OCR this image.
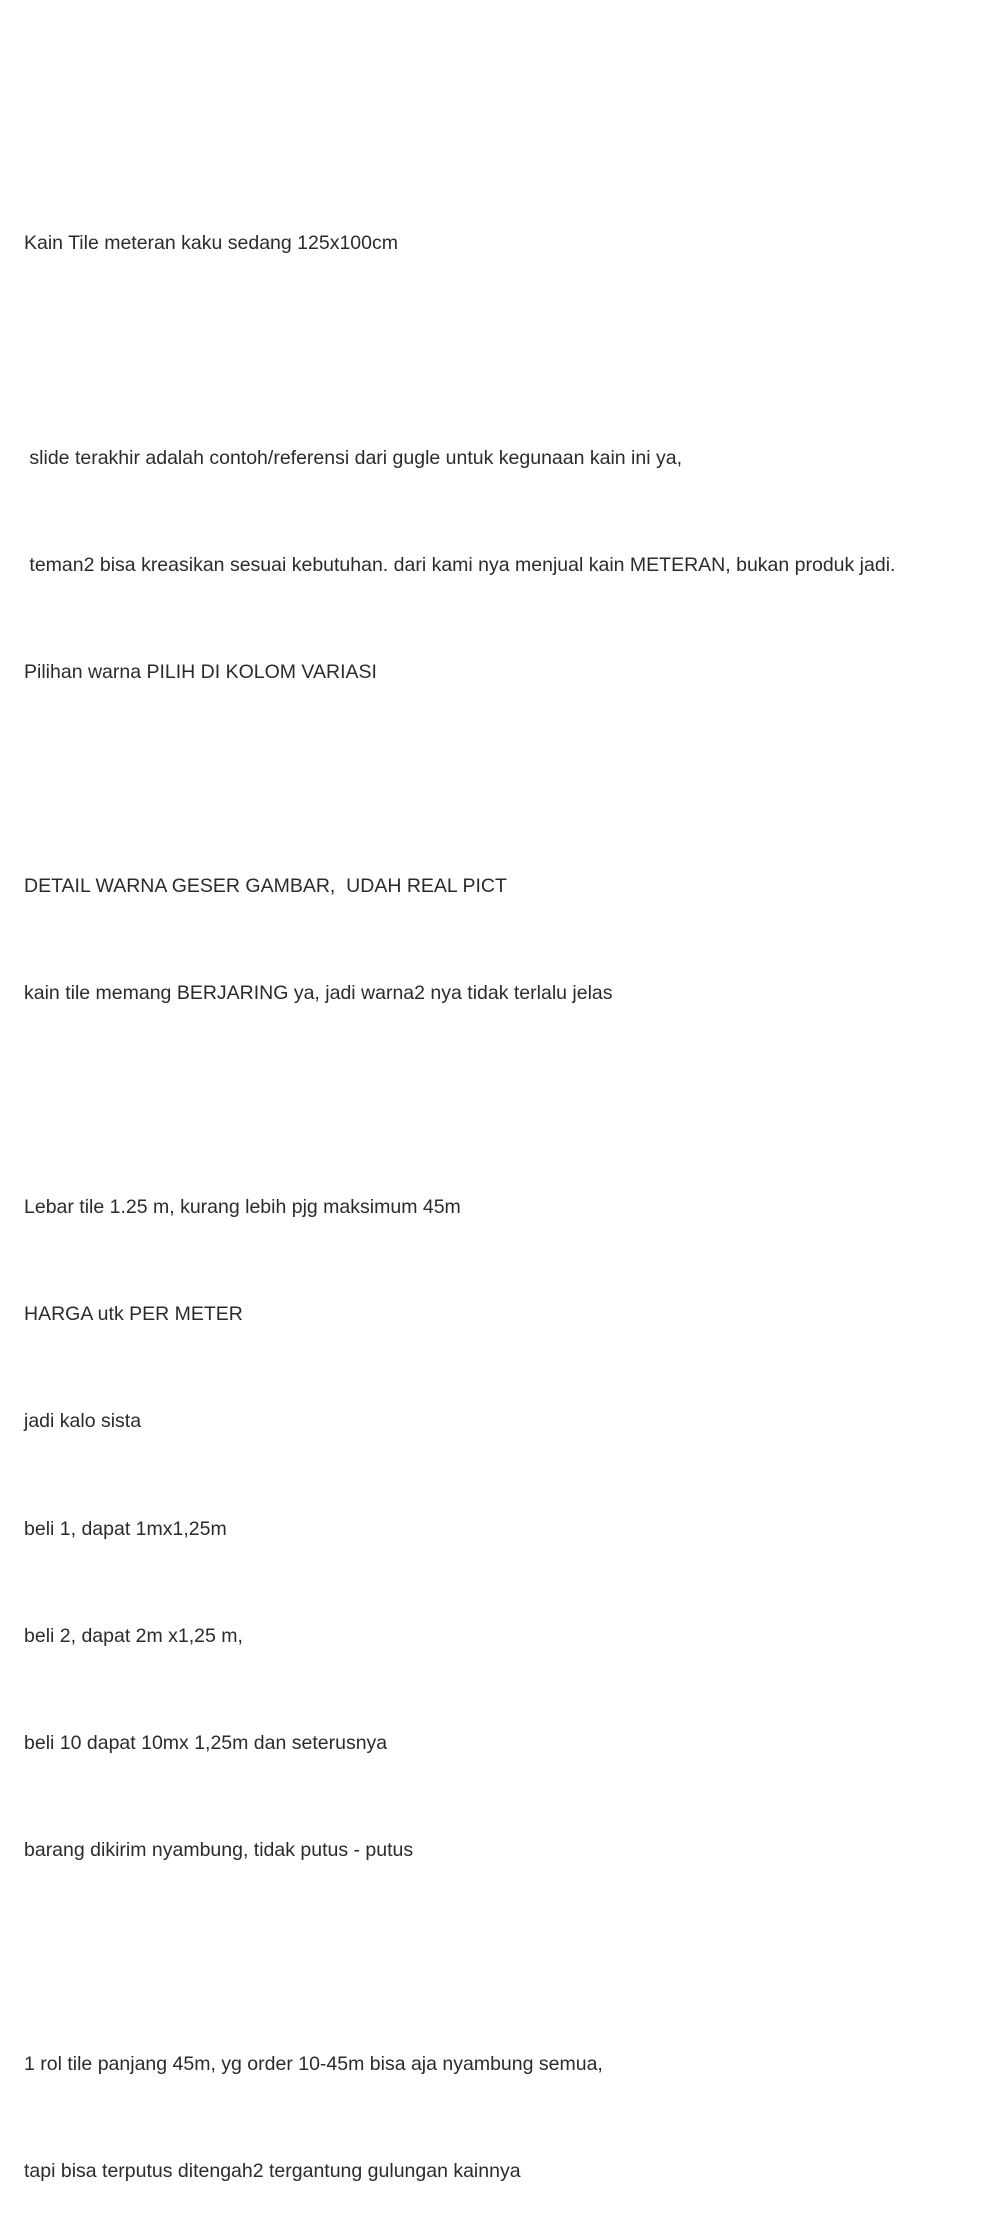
Kain Tile meteran kaku sedang 125x100cm

slide terakhir adalah contoh/referensi dari gugle untuk kegunaan kain ini ya,

teman2 bisa kreasikan sesuai kebutuhan. dari kami nya menjual kain METERAN, bukan produk jadi.

Pilihan warna PILIH DI KOLOM VARIASI

DETAIL WARNA GESER GAMBAR,  UDAH REAL PICT

kain tile memang BERJARING ya, jadi warna2 nya tidak terlalu jelas

Lebar tile 1.25 m, kurang lebih pjg maksimum 45m

HARGA utk PER METER

jadi kalo sista

beli 1, dapat 1mx1,25m

beli 2, dapat 2m x1,25 m,

beli 10 dapat 10mx 1,25m dan seterusnya

barang dikirim nyambung, tidak putus - putus

1 rol tile panjang 45m, yg order 10-45m bisa aja nyambung semua,

tapi bisa terputus ditengah2 tergantung gulungan kainnya
